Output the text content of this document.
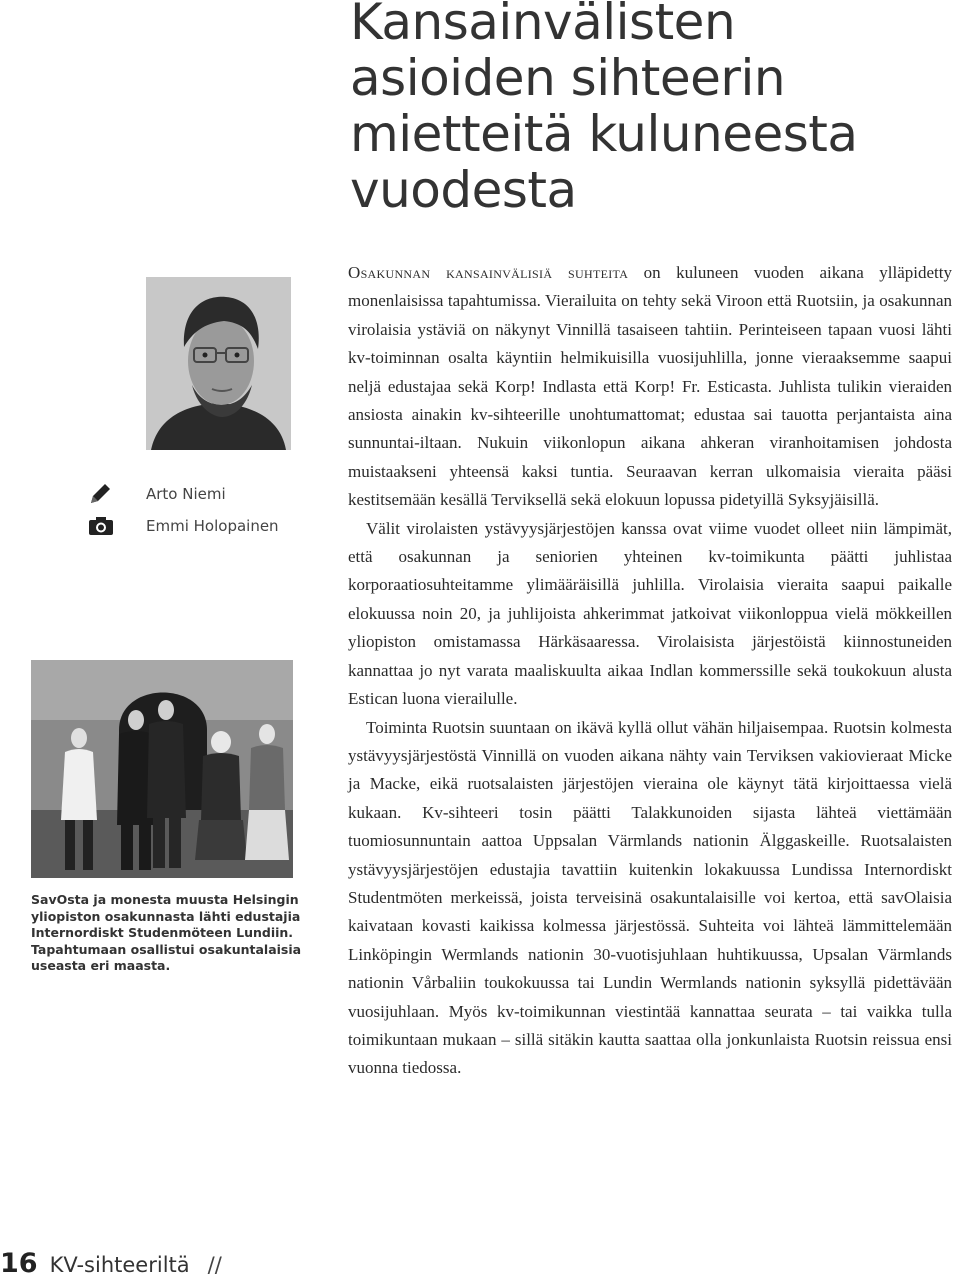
Kansainvälisten
asioiden sihteerin
mietteitä kuluneesta
vuodesta
Arto Niemi
Emmi Holopainen

SavOsta ja monesta muusta Helsingin yliopiston osakunnasta lähti edustajia Internordiskt Studenmöteen Lundiin. Tapahtumaan osallistui osakuntalaisia useasta eri maasta.

Osakunnan kansainvälisiä suhteita on kuluneen vuoden aikana ylläpidetty monenlaisissa tapahtumissa. Vierailuita on tehty sekä Viroon että Ruotsiin, ja osakunnan virolaisia ystäviä on näkynyt Vinnillä tasaiseen tahtiin. Perinteiseen tapaan vuosi lähti kv-toiminnan osalta käyntiin helmikuisilla vuosijuhlilla, jonne vieraaksemme saapui neljä edustajaa sekä Korp! Indlasta että Korp! Fr. Esticasta. Juhlista tulikin vieraiden ansiosta ainakin kv-sihteerille unohtumattomat; edustaa sai tauotta perjantaista aina sunnuntai-iltaan. Nukuin viikonlopun aikana ahkeran viranhoitamisen johdosta muistaakseni yhteensä kaksi tuntia. Seuraavan kerran ulkomaisia vieraita pääsi kestitsemään kesällä Terviksellä sekä elokuun lopussa pidetyillä Syksyjäisillä.

Välit virolaisten ystävyysjärjestöjen kanssa ovat viime vuodet olleet niin lämpimät, että osakunnan ja seniorien yhteinen kv-toimikunta päätti juhlistaa korporaatiosuhteitamme ylimääräisillä juhlilla. Virolaisia vieraita saapui paikalle elokuussa noin 20, ja juhlijoista ahkerimmat jatkoivat viikonloppua vielä mökkeillen yliopiston omistamassa Härkäsaaressa. Virolaisista järjestöistä kiinnostuneiden kannattaa jo nyt varata maaliskuulta aikaa Indlan kommerssille sekä toukokuun alusta Estican luona vierailulle.

Toiminta Ruotsin suuntaan on ikävä kyllä ollut vähän hiljaisempaa. Ruotsin kolmesta ystävyysjärjestöstä Vinnillä on vuoden aikana nähty vain Terviksen vakiovieraat Micke ja Macke, eikä ruotsalaisten järjestöjen vieraina ole käynyt tätä kirjoittaessa vielä kukaan. Kv-sihteeri tosin päätti Talakkunoiden sijasta lähteä viettämään tuomiosunnuntain aattoa Uppsalan Värmlands nationin Älggaskeille. Ruotsalaisten ystävyysjärjestöjen edustajia tavattiin kuitenkin lokakuussa Lundissa Internordiskt Studentmöten merkeissä, joista terveisinä osakuntalaisille voi kertoa, että savOlaisia kaivataan kovasti kaikissa kolmessa järjestössä. Suhteita voi lähteä lämmittelemään Linköpingin Wermlands nationin 30-vuotisjuhlaan huhtikuussa, Upsalan Värmlands nationin Vårbaliin toukokuussa tai Lundin Wermlands nationin syksyllä pidettävään vuosijuhlaan. Myös kv-toimikunnan viestintää kannattaa seurata – tai vaikka tulla toimikuntaan mukaan – sillä sitäkin kautta saattaa olla jonkunlaista Ruotsin reissua ensi vuonna tiedossa.

16 KV-sihteeriltä //
